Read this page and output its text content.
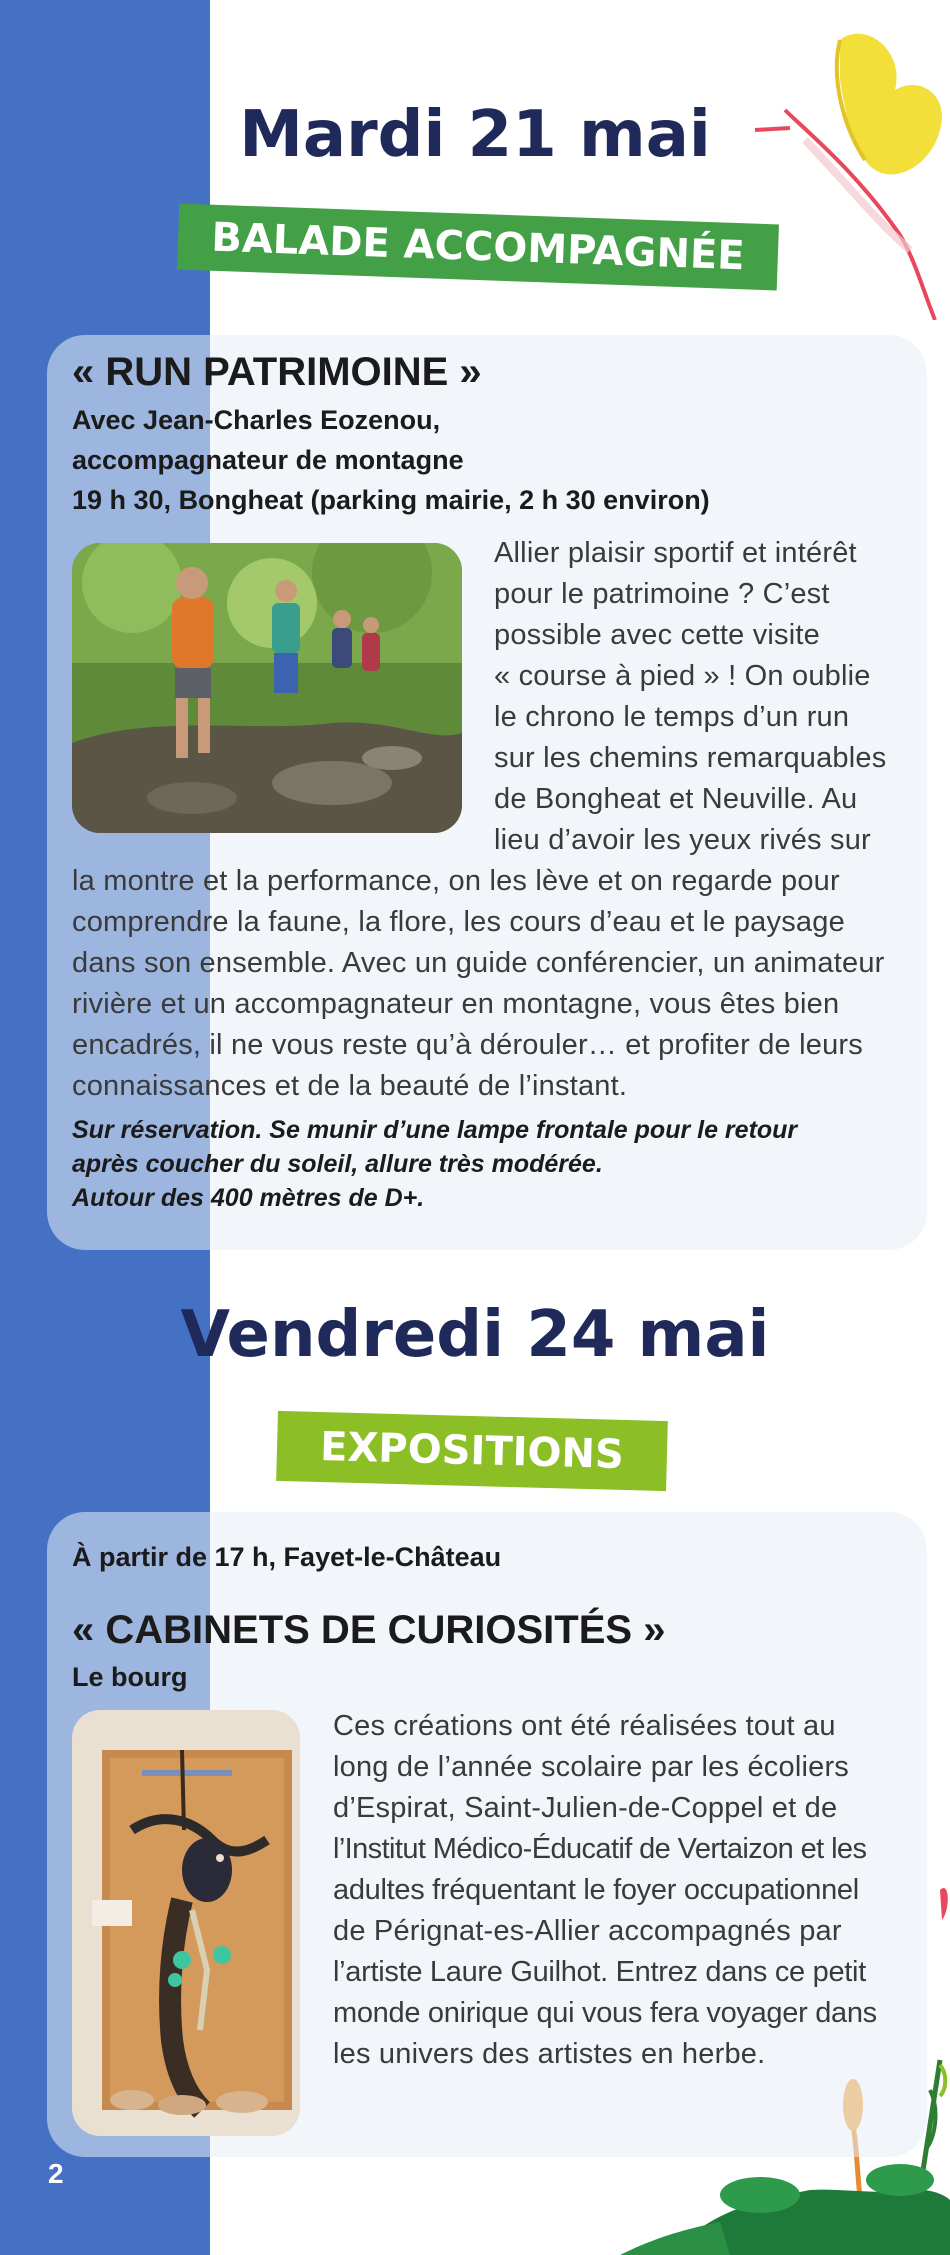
Mardi 21 mai
BALADE ACCOMPAGNÉE
« RUN PATRIMOINE »
Avec Jean-Charles Eozenou,
accompagnateur de montagne
19 h 30, Bongheat (parking mairie, 2 h 30 environ)
Allier plaisir sportif et intérêt
pour le patrimoine ? C’est
possible avec cette visite
« course à pied » ! On oublie
le chrono le temps d’un run
sur les chemins remarquables
de Bongheat et Neuville. Au
lieu d’avoir les yeux rivés sur
la montre et la performance, on les lève et on regarde pour
comprendre la faune, la flore, les cours d’eau et le paysage
dans son ensemble. Avec un guide conférencier, un animateur
rivière et un accompagnateur en montagne, vous êtes bien
encadrés, il ne vous reste qu’à dérouler… et profiter de leurs
connaissances et de la beauté de l’instant.
Sur réservation. Se munir d’une lampe frontale pour le retour
après coucher du soleil, allure très modérée.
Autour des 400 mètres de D+.
Vendredi 24 mai
EXPOSITIONS
À partir de 17 h, Fayet-le-Château
« CABINETS DE CURIOSITÉS »
Le bourg
Ces créations ont été réalisées tout au
long de l’année scolaire par les écoliers
d’Espirat, Saint-Julien-de-Coppel et de
l’Institut Médico-Éducatif de Vertaizon et les
adultes fréquentant le foyer occupationnel
de Pérignat-es-Allier accompagnés par
l’artiste Laure Guilhot. Entrez dans ce petit
monde onirique qui vous fera voyager dans
les univers des artistes en herbe.
2
